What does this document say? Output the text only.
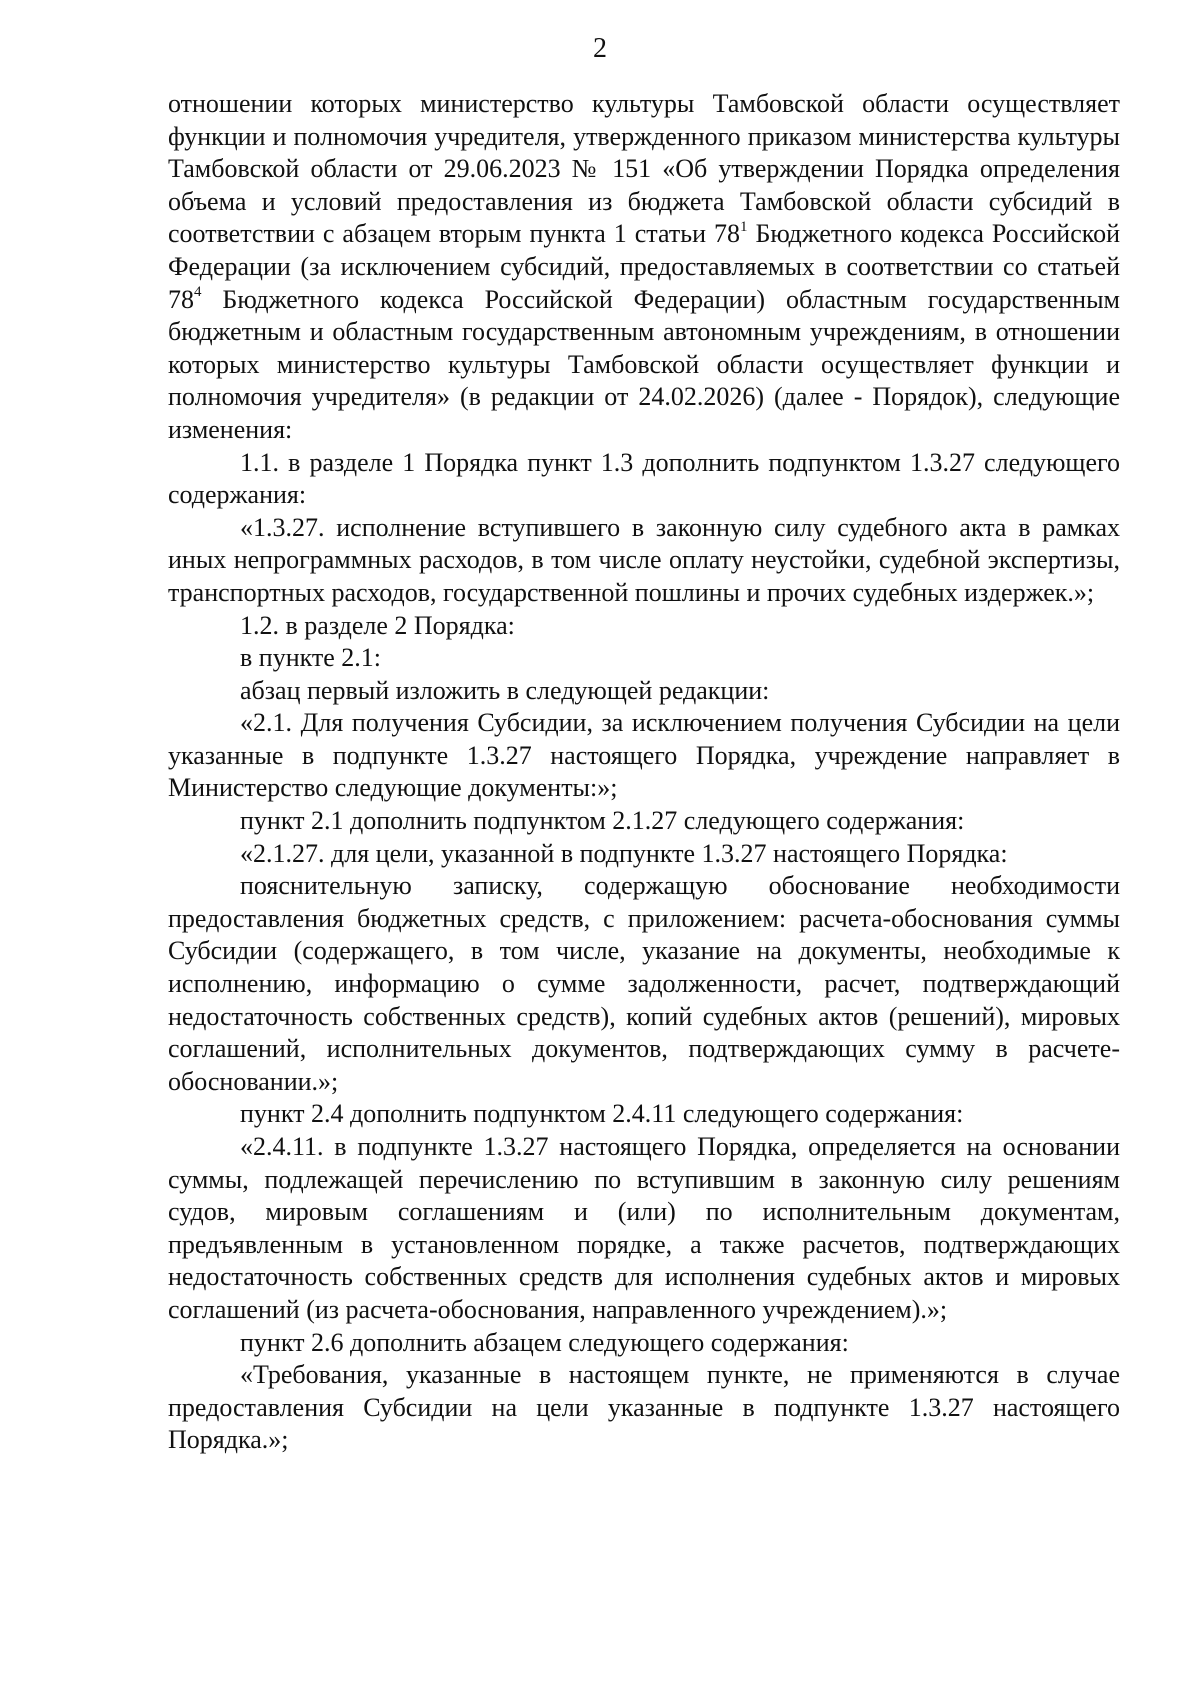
2

отношении которых министерство культуры Тамбовской области осуществляет функции и полномочия учредителя, утвержденного приказом министерства культуры Тамбовской области от 29.06.2023 № 151 «Об утверждении Порядка определения объема и условий предоставления из бюджета Тамбовской области субсидий в соответствии с абзацем вторым пункта 1 статьи $78^1$ Бюджетного кодекса Российской Федерации (за исключением субсидий, предоставляемых в соответствии со статьей $78^4$ Бюджетного кодекса Российской Федерации) областным государственным бюджетным и областным государственным автономным учреждениям, в отношении которых министерство культуры Тамбовской области осуществляет функции и полномочия учредителя» (в редакции от 24.02.2026) (далее - Порядок), следующие изменения:

1.1. в разделе 1 Порядка пункт 1.3 дополнить подпунктом 1.3.27 следующего содержания:

«1.3.27. исполнение вступившего в законную силу судебного акта в рамках иных непрограммных расходов, в том числе оплату неустойки, судебной экспертизы, транспортных расходов, государственной пошлины и прочих судебных издержек.»;

1.2. в разделе 2 Порядка:

в пункте 2.1:

абзац первый изложить в следующей редакции:

«2.1. Для получения Субсидии, за исключением получения Субсидии на цели указанные в подпункте 1.3.27 настоящего Порядка, учреждение направляет в Министерство следующие документы:»;

пункт 2.1 дополнить подпунктом 2.1.27 следующего содержания:

«2.1.27. для цели, указанной в подпункте 1.3.27 настоящего Порядка:

пояснительную записку, содержащую обоснование необходимости предоставления бюджетных средств, с приложением: расчета-обоснования суммы Субсидии (содержащего, в том числе, указание на документы, необходимые к исполнению, информацию о сумме задолженности, расчет, подтверждающий недостаточность собственных средств), копий судебных актов (решений), мировых соглашений, исполнительных документов, подтверждающих сумму в расчете-обосновании.»;

пункт 2.4 дополнить подпунктом 2.4.11 следующего содержания:

«2.4.11. в подпункте 1.3.27 настоящего Порядка, определяется на основании суммы, подлежащей перечислению по вступившим в законную силу решениям судов, мировым соглашениям и (или) по исполнительным документам, предъявленным в установленном порядке, а также расчетов, подтверждающих недостаточность собственных средств для исполнения судебных актов и мировых соглашений (из расчета-обоснования, направленного учреждением).»;

пункт 2.6 дополнить абзацем следующего содержания:

«Требования, указанные в настоящем пункте, не применяются в случае предоставления Субсидии на цели указанные в подпункте 1.3.27 настоящего Порядка.»;
